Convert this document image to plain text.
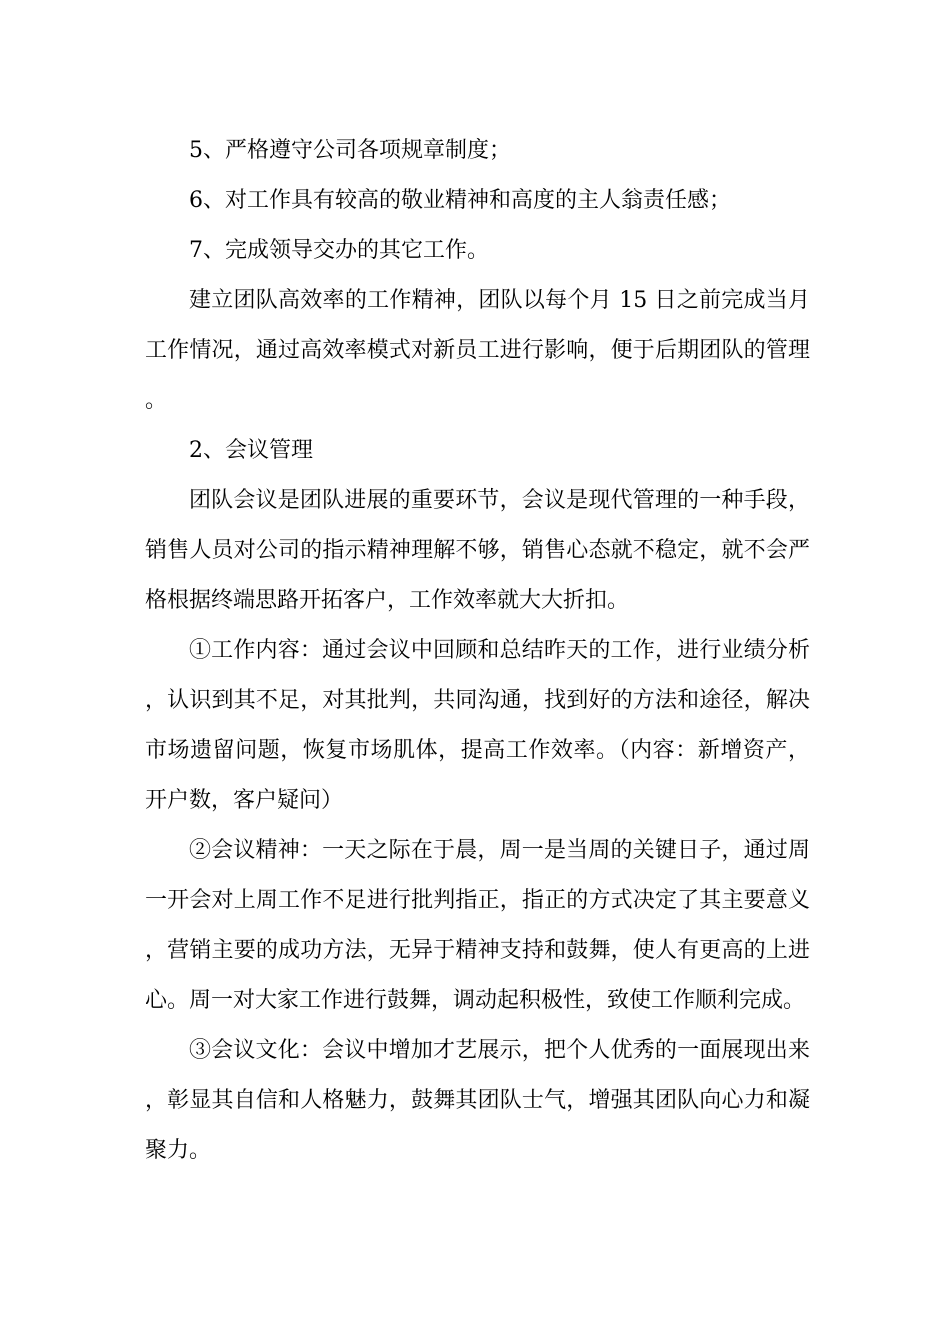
5、严格遵守公司各项规章制度；

6、对工作具有较高的敬业精神和高度的主人翁责任感；

7、完成领导交办的其它工作。

建立团队高效率的工作精神，团队以每个月 15 日之前完成当月工作情况，通过高效率模式对新员工进行影响，便于后期团队的管理。

2、会议管理

团队会议是团队进展的重要环节，会议是现代管理的一种手段，销售人员对公司的指示精神理解不够，销售心态就不稳定，就不会严格根据终端思路开拓客户，工作效率就大大折扣。

①工作内容：通过会议中回顾和总结昨天的工作，进行业绩分析，认识到其不足，对其批判，共同沟通，找到好的方法和途径，解决市场遗留问题，恢复市场肌体，提高工作效率。（内容：新增资产，开户数，客户疑问）

②会议精神：一天之际在于晨，周一是当周的关键日子，通过周一开会对上周工作不足进行批判指正，指正的方式决定了其主要意义，营销主要的成功方法，无异于精神支持和鼓舞，使人有更高的上进心。周一对大家工作进行鼓舞，调动起积极性，致使工作顺利完成。

③会议文化：会议中增加才艺展示，把个人优秀的一面展现出来，彰显其自信和人格魅力，鼓舞其团队士气，增强其团队向心力和凝聚力。
